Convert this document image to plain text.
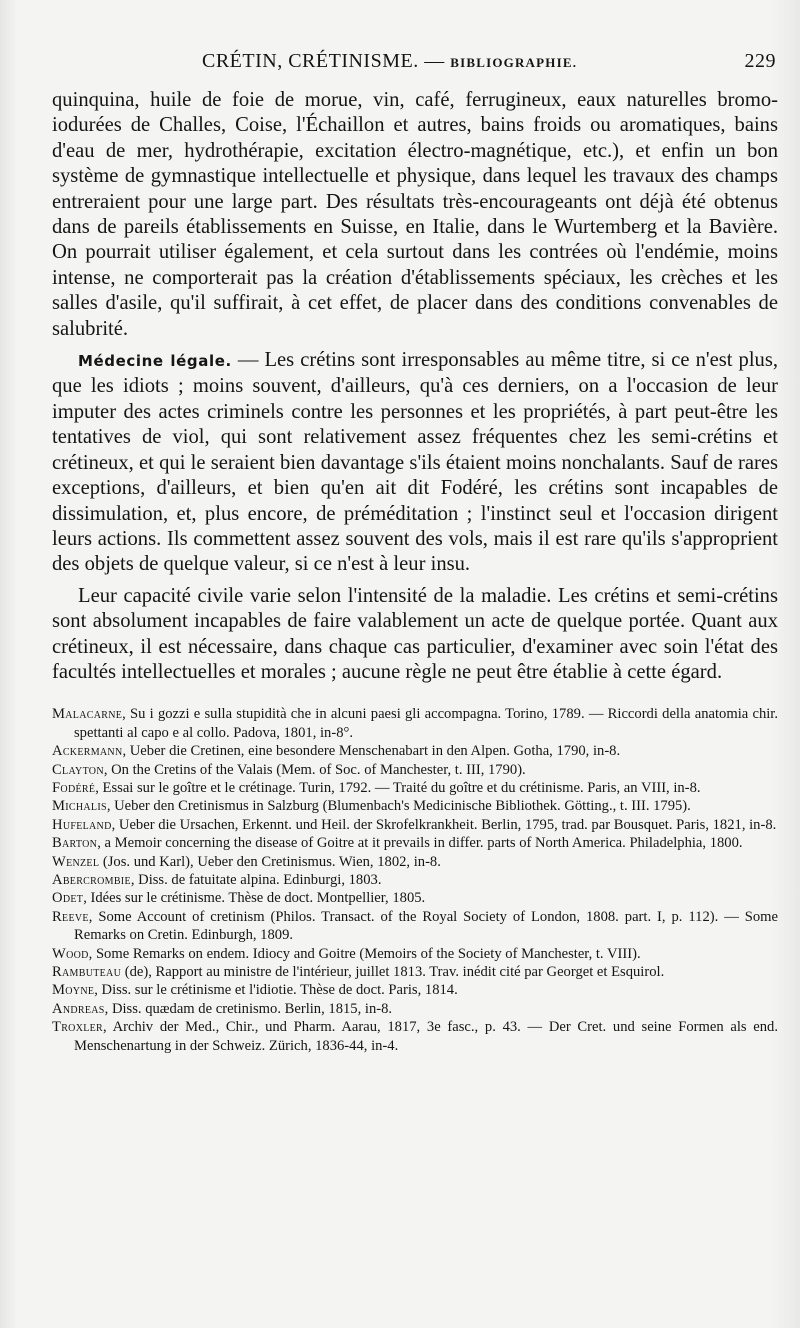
CRÉTIN, CRÉTINISME. — BIBLIOGRAPHIE.	229

quinquina, huile de foie de morue, vin, café, ferrugineux, eaux naturelles bromo-iodurées de Challes, Coise, l'Échaillon et autres, bains froids ou aromatiques, bains d'eau de mer, hydrothérapie, excitation électro-magnétique, etc.), et enfin un bon système de gymnastique intellectuelle et physique, dans lequel les travaux des champs entreraient pour une large part. Des résultats très-encourageants ont déjà été obtenus dans de pareils établissements en Suisse, en Italie, dans le Wurtemberg et la Bavière. On pourrait utiliser également, et cela surtout dans les contrées où l'endémie, moins intense, ne comporterait pas la création d'établissements spéciaux, les crèches et les salles d'asile, qu'il suffirait, à cet effet, de placer dans des conditions convenables de salubrité.

Médecine légale. — Les crétins sont irresponsables au même titre, si ce n'est plus, que les idiots ; moins souvent, d'ailleurs, qu'à ces derniers, on a l'occasion de leur imputer des actes criminels contre les personnes et les propriétés, à part peut-être les tentatives de viol, qui sont relativement assez fréquentes chez les semi-crétins et crétineux, et qui le seraient bien davantage s'ils étaient moins nonchalants. Sauf de rares exceptions, d'ailleurs, et bien qu'en ait dit Fodéré, les crétins sont incapables de dissimulation, et, plus encore, de préméditation ; l'instinct seul et l'occasion dirigent leurs actions. Ils commettent assez souvent des vols, mais il est rare qu'ils s'approprient des objets de quelque valeur, si ce n'est à leur insu.

Leur capacité civile varie selon l'intensité de la maladie. Les crétins et semi-crétins sont absolument incapables de faire valablement un acte de quelque portée. Quant aux crétineux, il est nécessaire, dans chaque cas particulier, d'examiner avec soin l'état des facultés intellectuelles et morales ; aucune règle ne peut être établie à cette égard.

Malacarne, Su i gozzi e sulla stupidità che in alcuni paesi gli accompagna. Torino, 1789. — Riccordi della anatomia chir. spettanti al capo e al collo. Padova, 1801, in-8°.

Ackermann, Ueber die Cretinen, eine besondere Menschenabart in den Alpen. Gotha, 1790, in-8.

Clayton, On the Cretins of the Valais (Mem. of Soc. of Manchester, t. III, 1790).

Fodéré, Essai sur le goître et le crétinage. Turin, 1792. — Traité du goître et du crétinisme. Paris, an VIII, in-8.

Michalis, Ueber den Cretinismus in Salzburg (Blumenbach's Medicinische Bibliothek. Götting., t. III. 1795).

Hufeland, Ueber die Ursachen, Erkennt. und Heil. der Skrofelkrankheit. Berlin, 1795, trad. par Bousquet. Paris, 1821, in-8.

Barton, a Memoir concerning the disease of Goitre at it prevails in differ. parts of North America. Philadelphia, 1800.

Wenzel (Jos. und Karl), Ueber den Cretinismus. Wien, 1802, in-8.

Abercrombie, Diss. de fatuitate alpina. Edinburgi, 1803.

Odet, Idées sur le crétinisme. Thèse de doct. Montpellier, 1805.

Reeve, Some Account of cretinism (Philos. Transact. of the Royal Society of London, 1808. part. I, p. 112). — Some Remarks on Cretin. Edinburgh, 1809.

Wood, Some Remarks on endem. Idiocy and Goitre (Memoirs of the Society of Manchester, t. VIII).

Rambuteau (de), Rapport au ministre de l'intérieur, juillet 1813. Trav. inédit cité par Georget et Esquirol.

Moyne, Diss. sur le crétinisme et l'idiotie. Thèse de doct. Paris, 1814.

Andreas, Diss. quædam de cretinismo. Berlin, 1815, in-8.

Troxler, Archiv der Med., Chir., und Pharm. Aarau, 1817, 3e fasc., p. 43. — Der Cret. und seine Formen als end. Menschenartung in der Schweiz. Zürich, 1836-44, in-4.
